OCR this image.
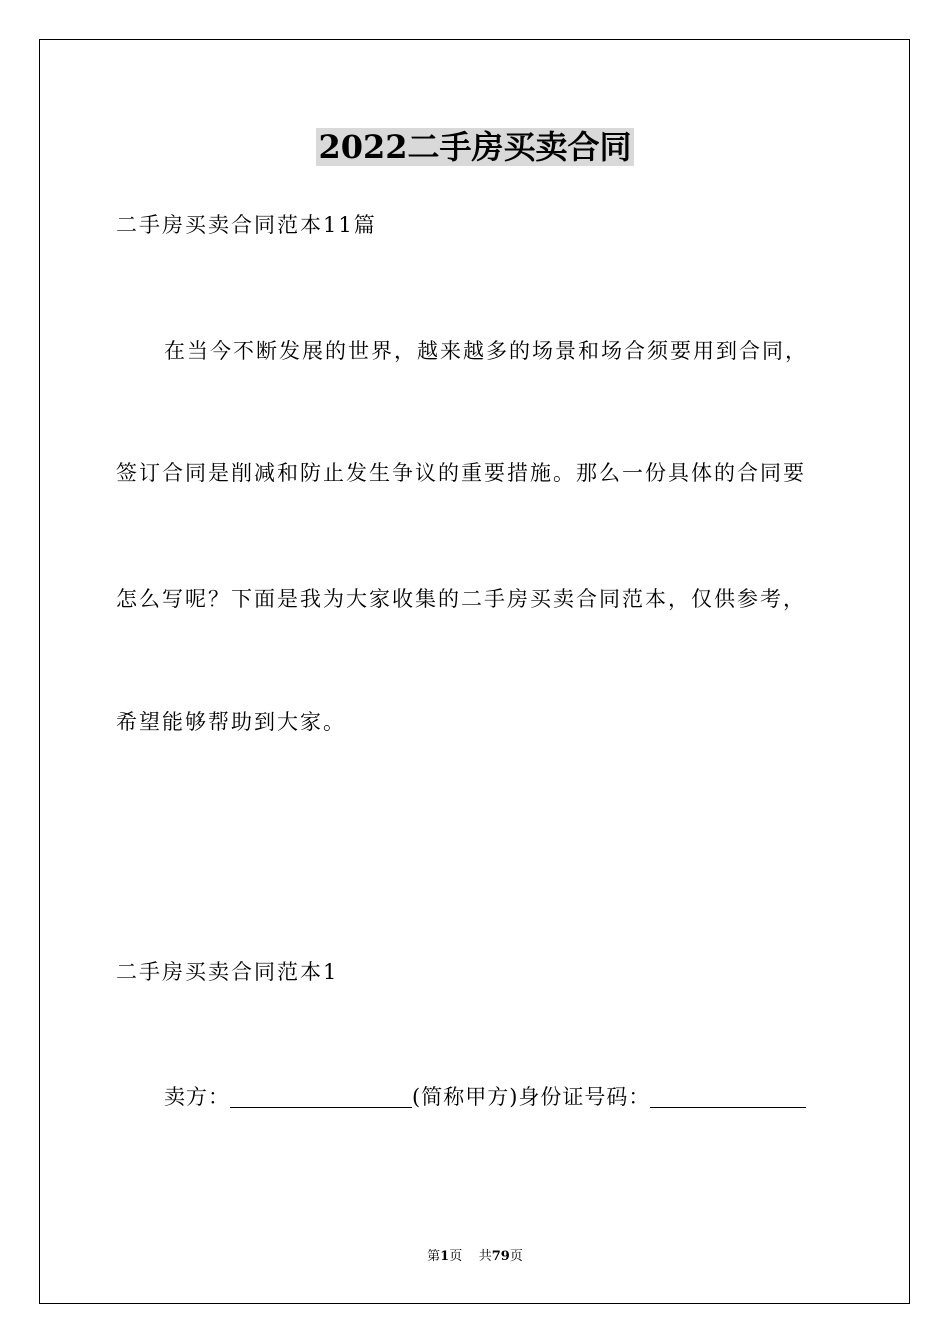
2022二手房买卖合同
二手房买卖合同范本11篇
在当今不断发展的世界，越来越多的场景和场合须要用到合同，
签订合同是削减和防止发生争议的重要措施。那么一份具体的合同要
怎么写呢？下面是我为大家收集的二手房买卖合同范本，仅供参考，
希望能够帮助到大家。
二手房买卖合同范本1
卖方：	(简称甲方)身份证号码：
第1页 共79页
